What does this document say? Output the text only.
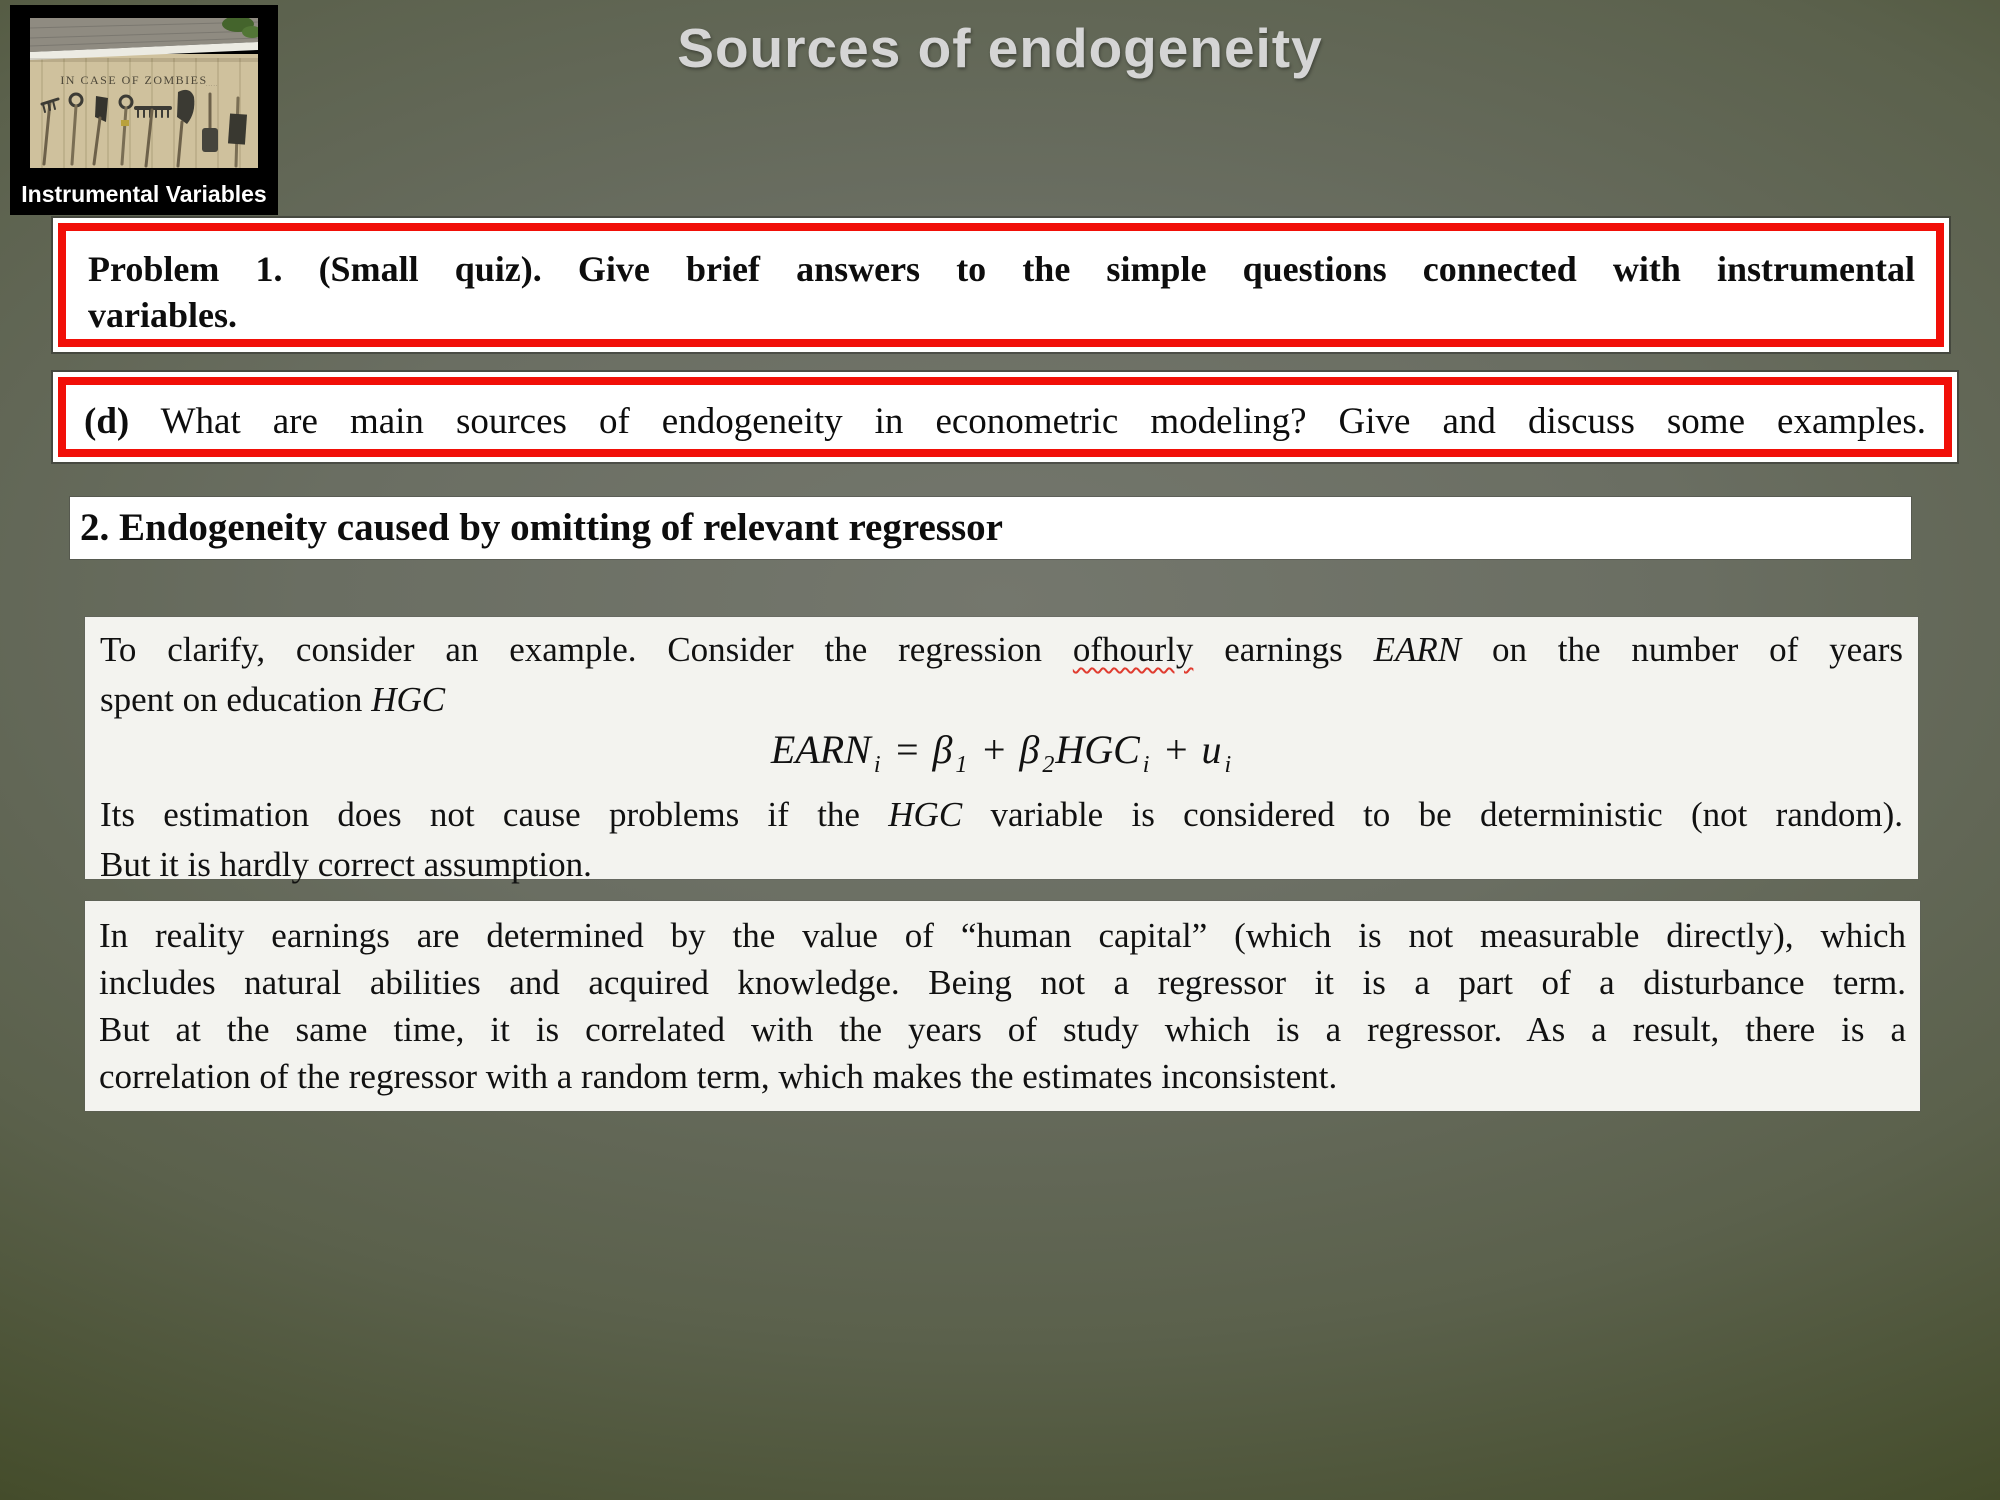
Sources of endogeneity
IN CASE OF ZOMBIES
. . . . .
Instrumental Variables
Problem 1. (Small quiz). Give brief answers to the simple questions connected with instrumental
variables.
(d) What are main sources of endogeneity in econometric modeling? Give and discuss some examples.
2. Endogeneity caused by omitting of relevant regressor
To clarify, consider an example. Consider the regression ofhourly earnings EARN on the number of years
spent on education HGC
EARN $_i$ = β $_1$ + β $_2$HGC $_i$ + u $_i$
Its estimation does not cause problems if the HGC variable is considered to be deterministic (not random).
But it is hardly correct assumption.
In reality earnings are determined by the value of “human capital” (which is not measurable directly), which
includes natural abilities and acquired knowledge. Being not a regressor it is a part of a disturbance term.
But at the same time, it is correlated with the years of study which is a regressor. As a result, there is a
correlation of the regressor with a random term, which makes the estimates inconsistent.
